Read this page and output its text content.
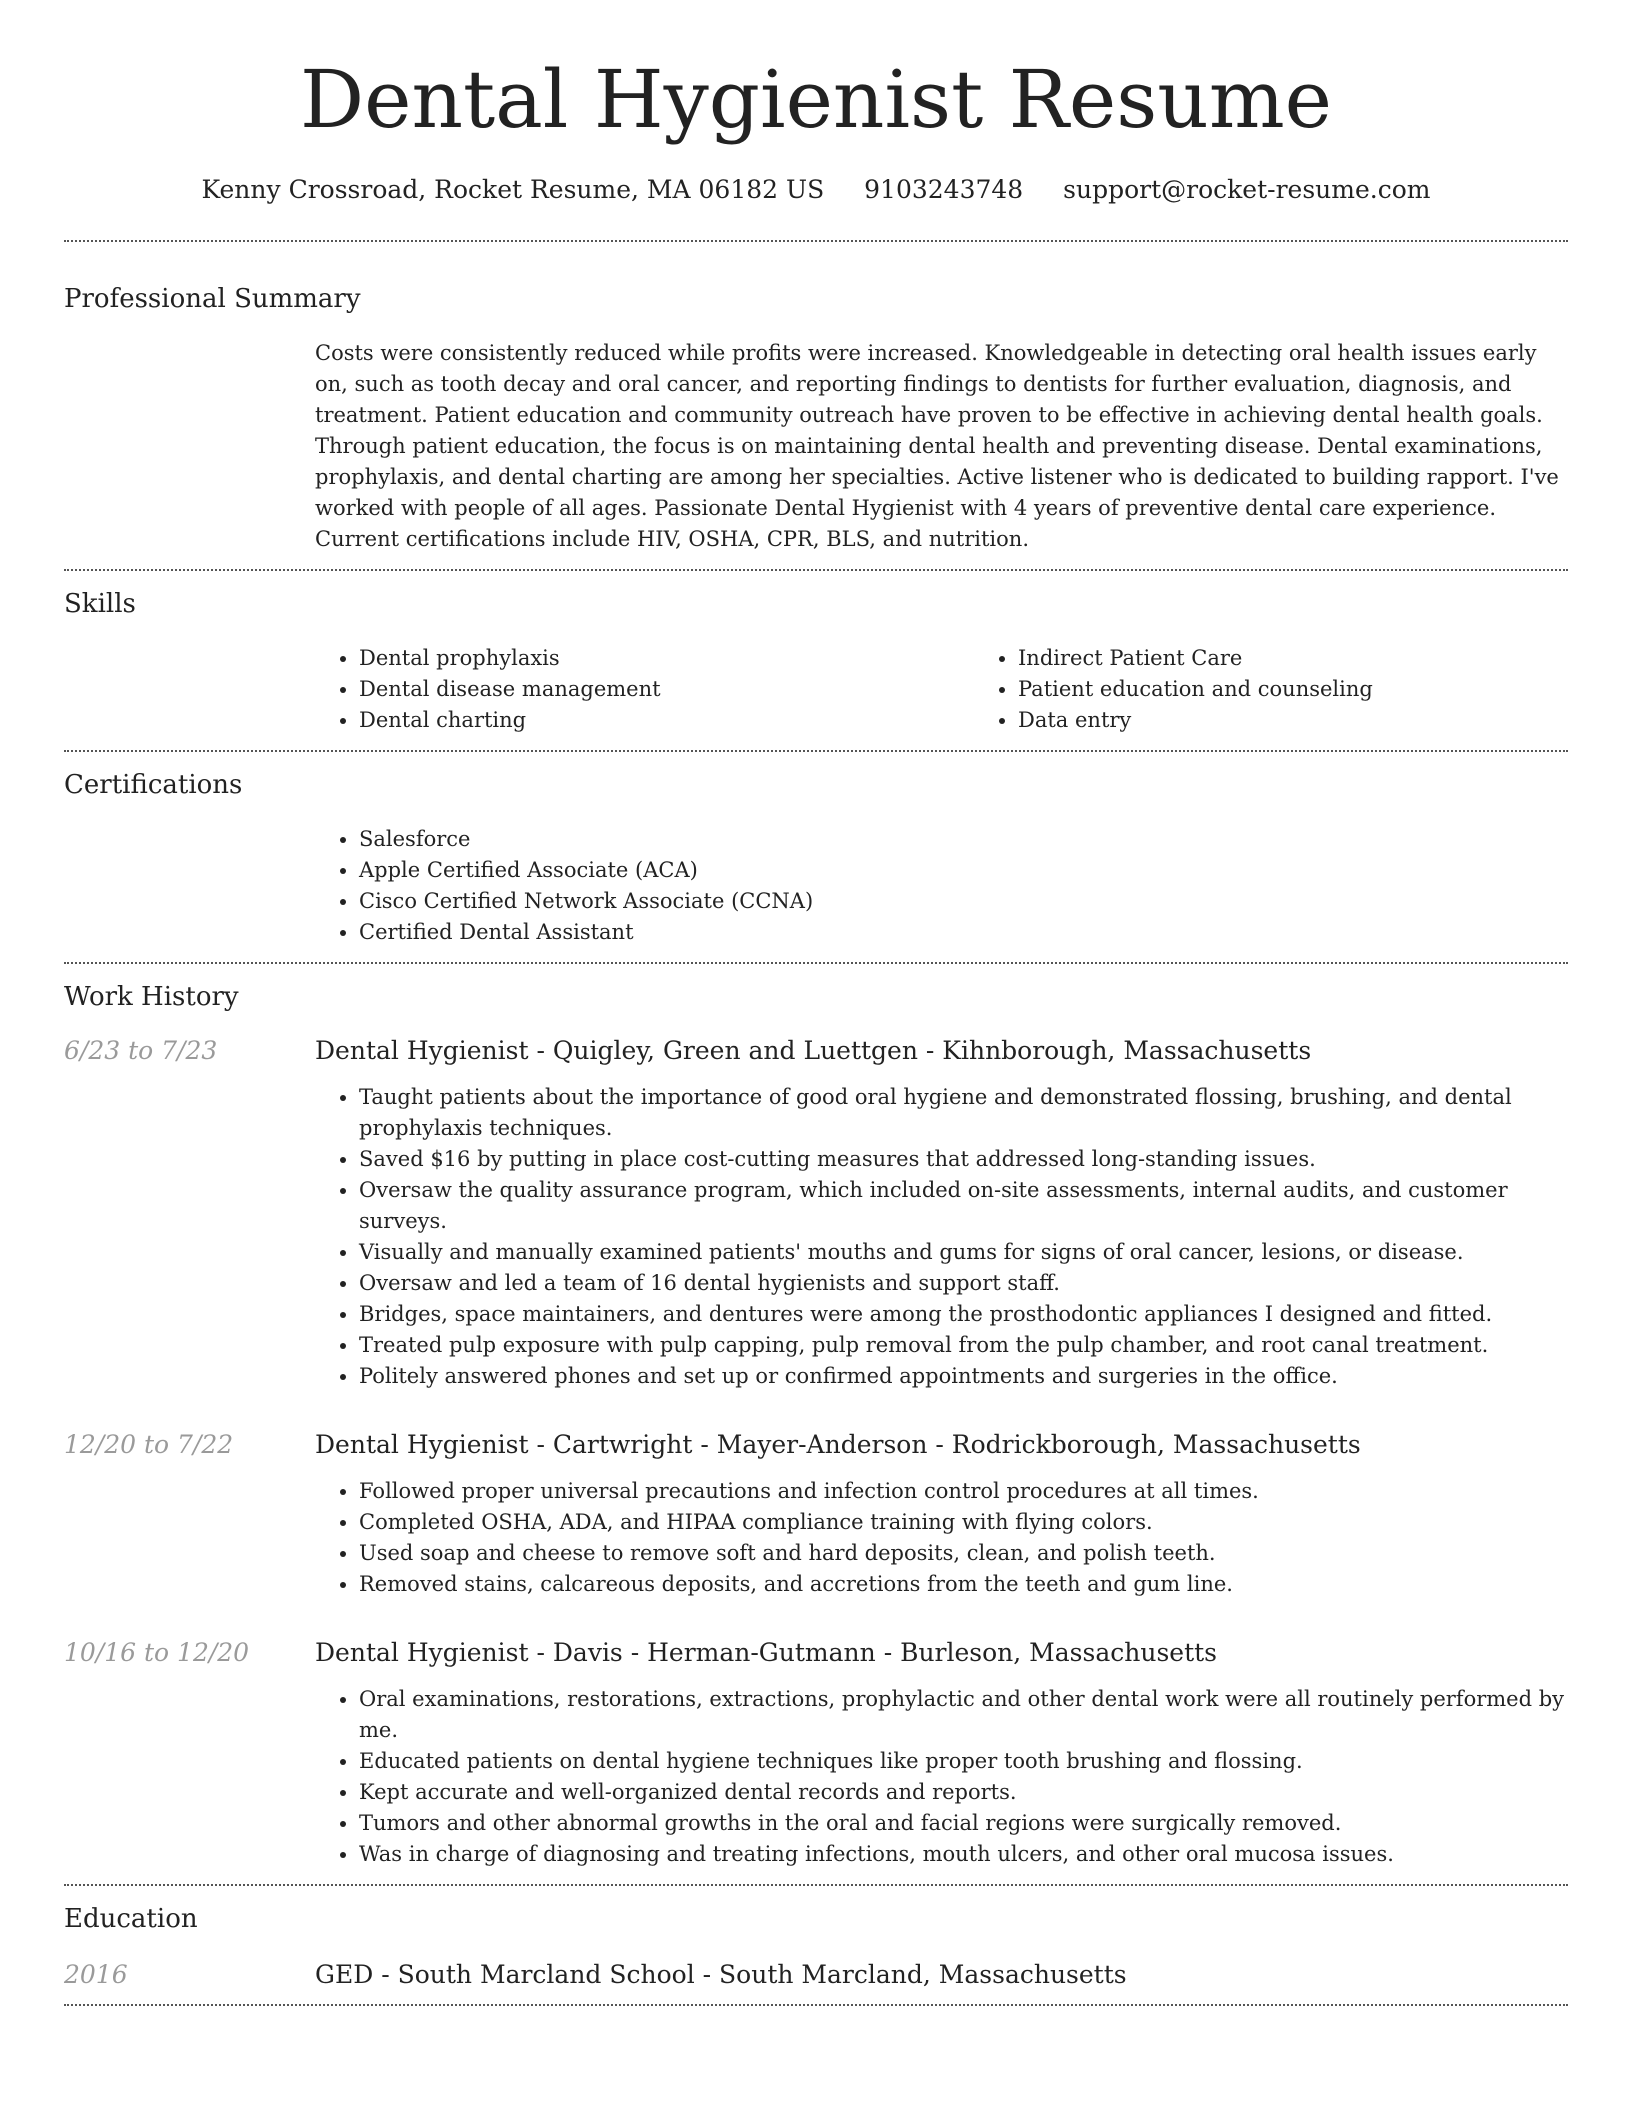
Dental Hygienist Resume
Kenny Crossroad, Rocket Resume, MA 06182 US 9103243748 support@rocket-resume.com
Professional Summary
Costs were consistently reduced while profits were increased. Knowledgeable in detecting oral health issues early on, such as tooth decay and oral cancer, and reporting findings to dentists for further evaluation, diagnosis, and treatment. Patient education and community outreach have proven to be effective in achieving dental health goals. Through patient education, the focus is on maintaining dental health and preventing disease. Dental examinations, prophylaxis, and dental charting are among her specialties. Active listener who is dedicated to building rapport. I've worked with people of all ages. Passionate Dental Hygienist with 4 years of preventive dental care experience. Current certifications include HIV, OSHA, CPR, BLS, and nutrition.
Skills
• Dental prophylaxis
• Dental disease management
• Dental charting
• Indirect Patient Care
• Patient education and counseling
• Data entry
Certifications
• Salesforce
• Apple Certified Associate (ACA)
• Cisco Certified Network Associate (CCNA)
• Certified Dental Assistant
Work History
6/23 to 7/23	Dental Hygienist - Quigley, Green and Luettgen - Kihnborough, Massachusetts
• Taught patients about the importance of good oral hygiene and demonstrated flossing, brushing, and dental prophylaxis techniques.
• Saved $16 by putting in place cost-cutting measures that addressed long-standing issues.
• Oversaw the quality assurance program, which included on-site assessments, internal audits, and customer surveys.
• Visually and manually examined patients' mouths and gums for signs of oral cancer, lesions, or disease.
• Oversaw and led a team of 16 dental hygienists and support staff.
• Bridges, space maintainers, and dentures were among the prosthodontic appliances I designed and fitted.
• Treated pulp exposure with pulp capping, pulp removal from the pulp chamber, and root canal treatment.
• Politely answered phones and set up or confirmed appointments and surgeries in the office.
12/20 to 7/22	Dental Hygienist - Cartwright - Mayer-Anderson - Rodrickborough, Massachusetts
• Followed proper universal precautions and infection control procedures at all times.
• Completed OSHA, ADA, and HIPAA compliance training with flying colors.
• Used soap and cheese to remove soft and hard deposits, clean, and polish teeth.
• Removed stains, calcareous deposits, and accretions from the teeth and gum line.
10/16 to 12/20	Dental Hygienist - Davis - Herman-Gutmann - Burleson, Massachusetts
• Oral examinations, restorations, extractions, prophylactic and other dental work were all routinely performed by me.
• Educated patients on dental hygiene techniques like proper tooth brushing and flossing.
• Kept accurate and well-organized dental records and reports.
• Tumors and other abnormal growths in the oral and facial regions were surgically removed.
• Was in charge of diagnosing and treating infections, mouth ulcers, and other oral mucosa issues.
Education
2016	GED - South Marcland School - South Marcland, Massachusetts
